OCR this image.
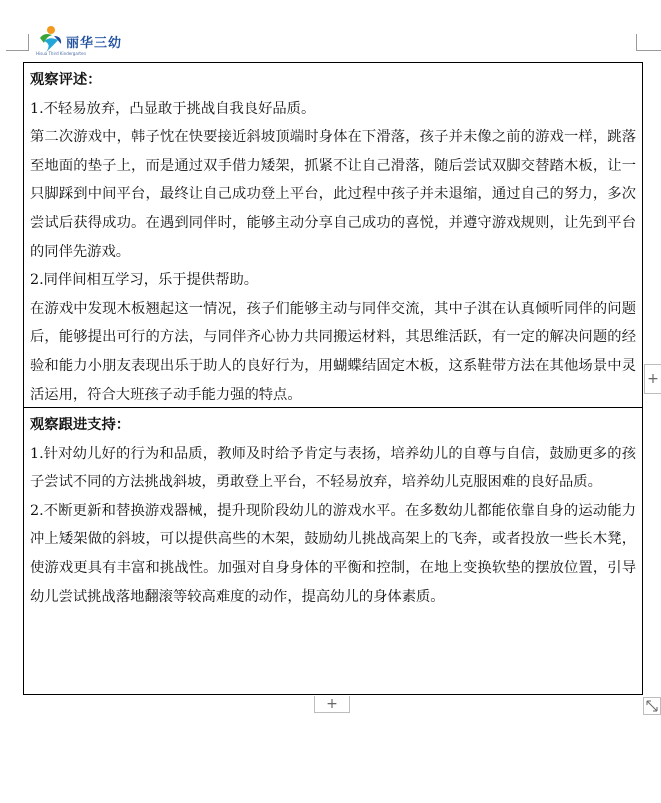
丽华三幼
Hisua Third Kindergarten

观察评述：

1.不轻易放弃，凸显敢于挑战自我良好品质。

第二次游戏中，韩子忱在快要接近斜坡顶端时身体在下滑落，孩子并未像之前的游戏一样，跳落至地面的垫子上，而是通过双手借力矮架，抓紧不让自己滑落，随后尝试双脚交替踏木板，让一只脚踩到中间平台，最终让自己成功登上平台，此过程中孩子并未退缩，通过自己的努力，多次尝试后获得成功。在遇到同伴时，能够主动分享自己成功的喜悦，并遵守游戏规则，让先到平台的同伴先游戏。

2.同伴间相互学习，乐于提供帮助。

在游戏中发现木板翘起这一情况，孩子们能够主动与同伴交流，其中子淇在认真倾听同伴的问题后，能够提出可行的方法，与同伴齐心协力共同搬运材料，其思维活跃，有一定的解决问题的经验和能力小朋友表现出乐于助人的良好行为，用蝴蝶结固定木板，这系鞋带方法在其他场景中灵活运用，符合大班孩子动手能力强的特点。

观察跟进支持：

1.针对幼儿好的行为和品质，教师及时给予肯定与表扬，培养幼儿的自尊与自信，鼓励更多的孩子尝试不同的方法挑战斜坡，勇敢登上平台，不轻易放弃，培养幼儿克服困难的良好品质。

2.不断更新和替换游戏器械，提升现阶段幼儿的游戏水平。在多数幼儿都能依靠自身的运动能力冲上矮架做的斜坡，可以提供高些的木架，鼓励幼儿挑战高架上的飞奔，或者投放一些长木凳，使游戏更具有丰富和挑战性。加强对自身身体的平衡和控制，在地上变换软垫的摆放位置，引导幼儿尝试挑战落地翻滚等较高难度的动作，提高幼儿的身体素质。

+
+
